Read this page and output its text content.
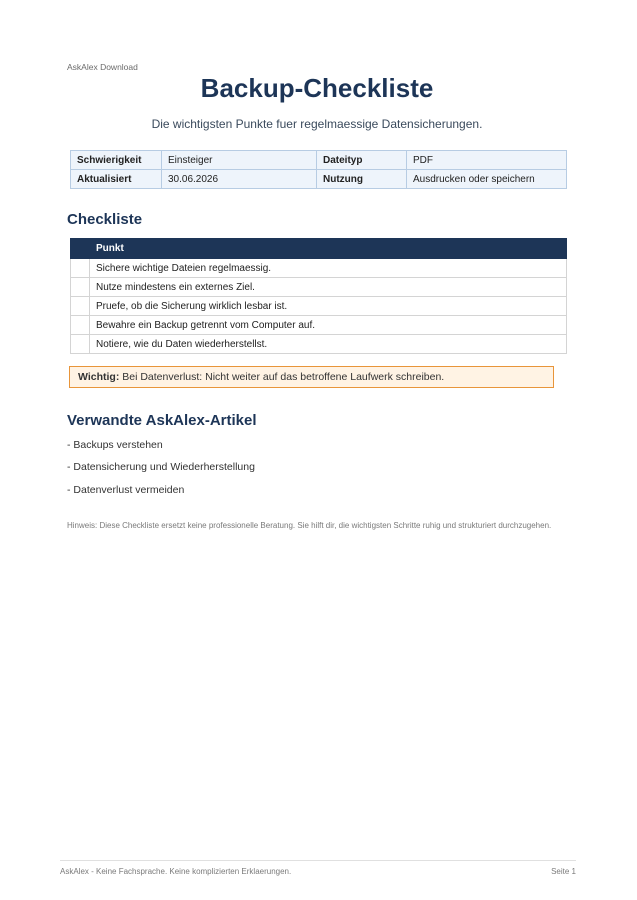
AskAlex Download
Backup-Checkliste
Die wichtigsten Punkte fuer regelmaessige Datensicherungen.
Schwierigkeit	Einsteiger	Dateityp	PDF
Aktualisiert	30.06.2026	Nutzung	Ausdrucken oder speichern
Checkliste
	Punkt
	Sichere wichtige Dateien regelmaessig.
	Nutze mindestens ein externes Ziel.
	Pruefe, ob die Sicherung wirklich lesbar ist.
	Bewahre ein Backup getrennt vom Computer auf.
	Notiere, wie du Daten wiederherstellst.
Wichtig: Bei Datenverlust: Nicht weiter auf das betroffene Laufwerk schreiben.
Verwandte AskAlex-Artikel
- Backups verstehen
- Datensicherung und Wiederherstellung
- Datenverlust vermeiden
Hinweis: Diese Checkliste ersetzt keine professionelle Beratung. Sie hilft dir, die wichtigsten Schritte ruhig und strukturiert durchzugehen.
AskAlex - Keine Fachsprache. Keine komplizierten Erklaerungen.	Seite 1
